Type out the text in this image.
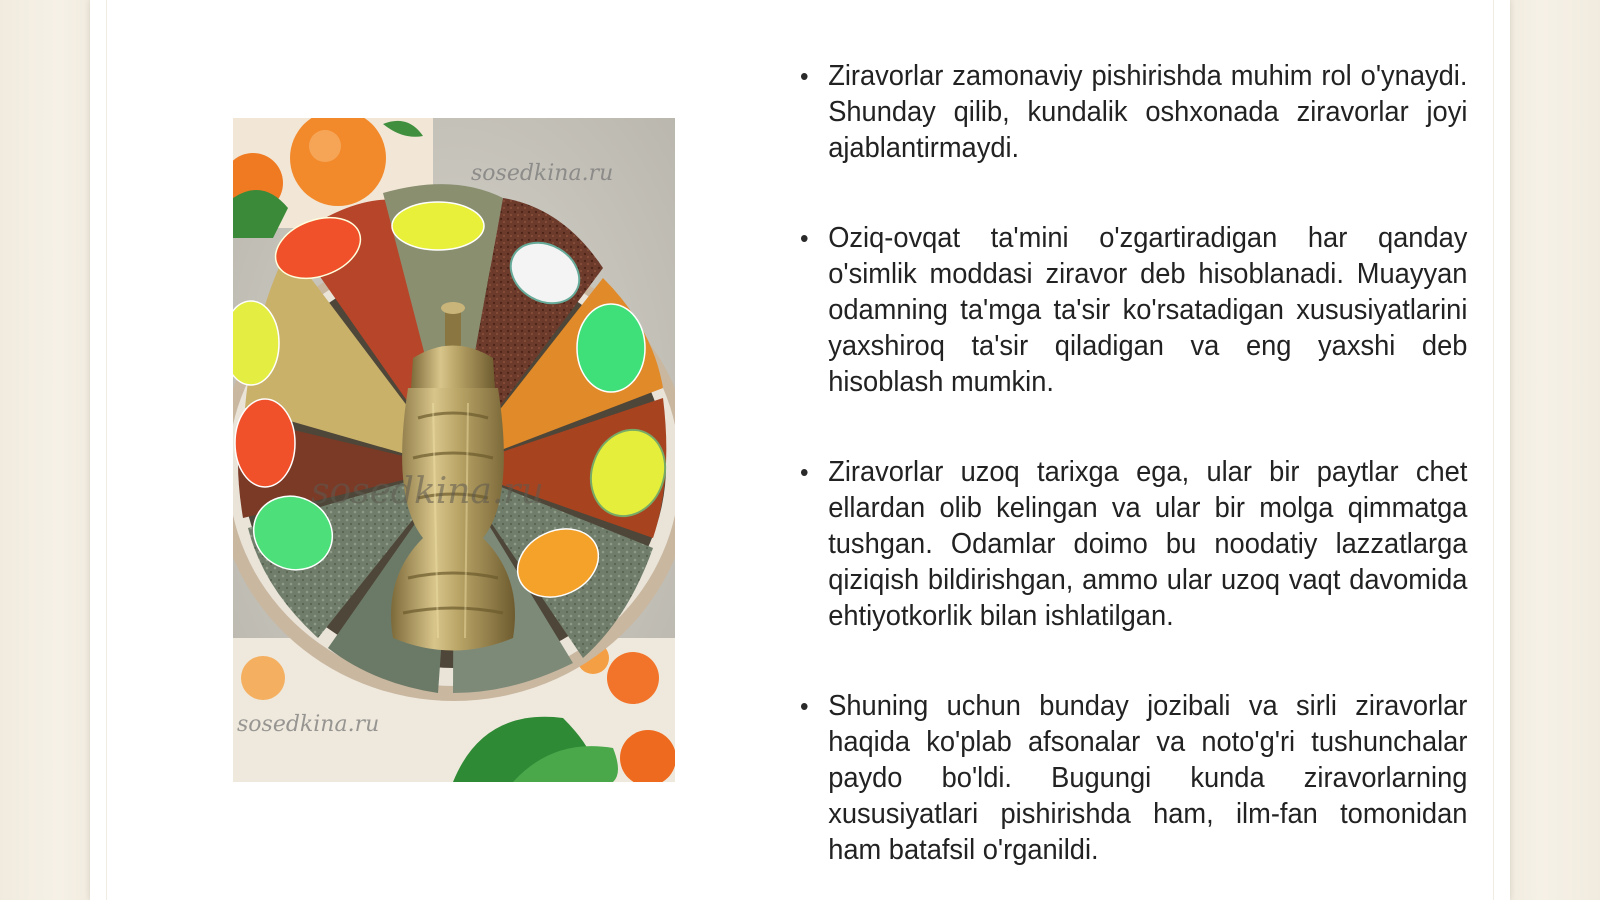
sosedkina.ru
sosedkina.ru
sosedkina.ru
• Ziravorlar zamonaviy pishirishda muhim rol o'ynaydi. Shunday qilib, kundalik oshxonada ziravorlar joyi ajablantirmaydi.
• Oziq-ovqat ta'mini o'zgartiradigan har qanday o'simlik moddasi ziravor deb hisoblanadi. Muayyan odamning ta'mga ta'sir ko'rsatadigan xususiyatlarini yaxshiroq ta'sir qiladigan va eng yaxshi deb hisoblash mumkin.
• Ziravorlar uzoq tarixga ega, ular bir paytlar chet ellardan olib kelingan va ular bir molga qimmatga tushgan. Odamlar doimo bu noodatiy lazzatlarga qiziqish bildirishgan, ammo ular uzoq vaqt davomida ehtiyotkorlik bilan ishlatilgan.
• Shuning uchun bunday jozibali va sirli ziravorlar haqida ko'plab afsonalar va noto'g'ri tushunchalar paydo bo'ldi. Bugungi kunda ziravorlarning xususiyatlari pishirishda ham, ilm-fan tomonidan ham batafsil o'rganildi.
